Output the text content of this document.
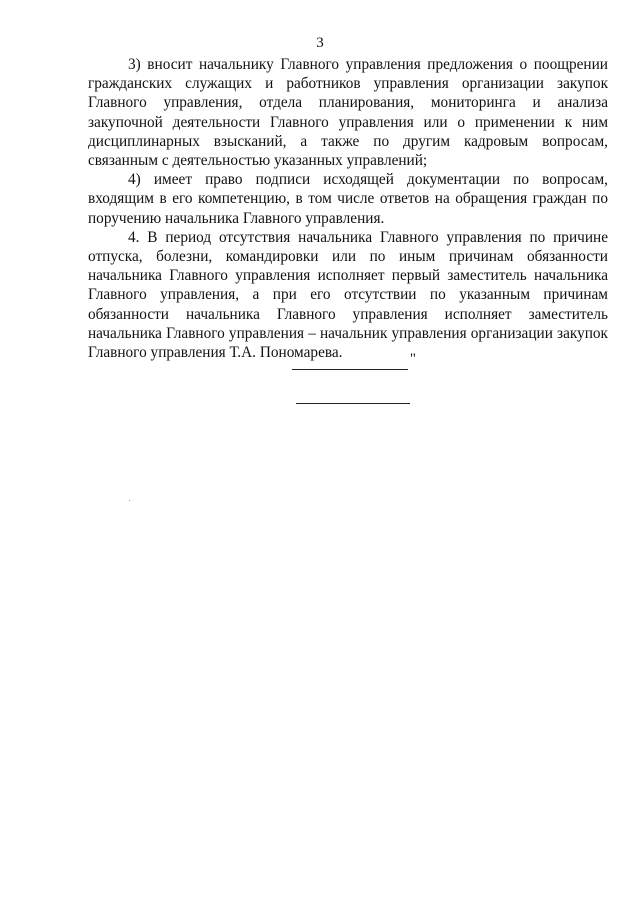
3

3) вносит начальнику Главного управления предложения о поощрении гражданских служащих и работников управления организации закупок Главного управления, отдела планирования, мониторинга и анализа закупочной деятельности Главного управления или о применении к ним дисциплинарных взысканий, а также по другим кадровым вопросам, связанным с деятельностью указанных управлений;

4) имеет право подписи исходящей документации по вопросам, входящим в его компетенцию, в том числе ответов на обращения граждан по поручению начальника Главного управления.

4. В период отсутствия начальника Главного управления по причине отпуска, болезни, командировки или по иным причинам обязанности начальника Главного управления исполняет первый заместитель начальника Главного управления, а при его отсутствии по указанным причинам обязанности начальника Главного управления исполняет заместитель начальника Главного управления – начальник управления организации закупок Главного управления Т.А. Пономарева.	"
